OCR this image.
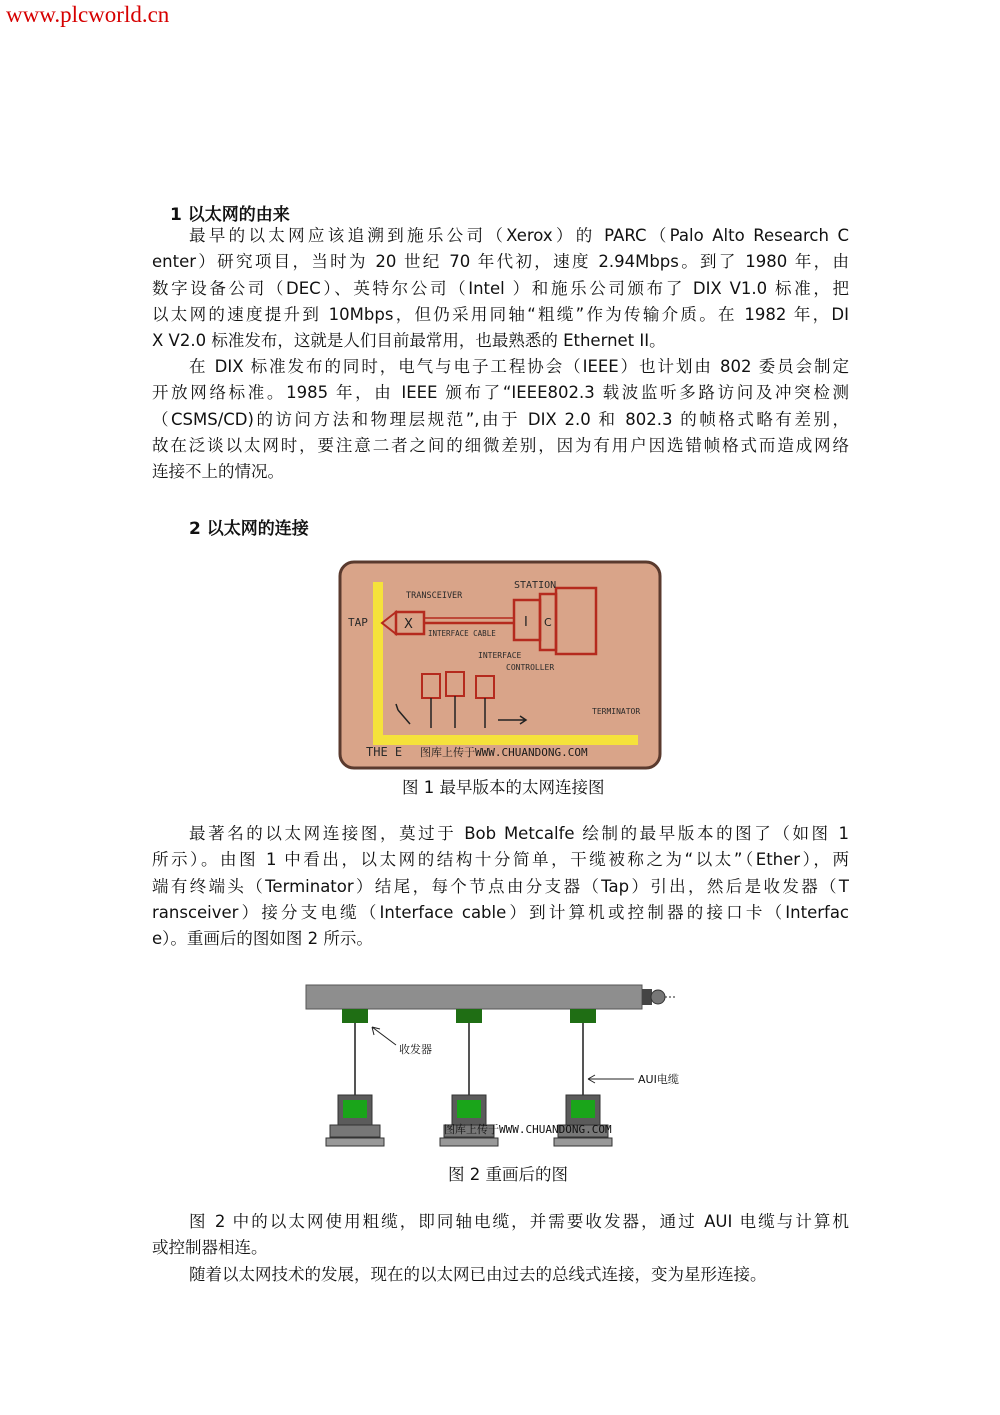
www.plcworld.cn
1 以太网的由来
最早的以太网应该追溯到施乐公司（Xerox）的 PARC（Palo Alto Research C
enter）研究项目，当时为 20 世纪 70 年代初，速度 2.94Mbps。到了 1980 年，由
数字设备公司（DEC）、英特尔公司（Intel ）和施乐公司颁布了 DIX V1.0 标准，把
以太网的速度提升到 10Mbps，但仍采用同轴“粗缆”作为传输介质。在 1982 年，DI
X V2.0 标准发布，这就是人们目前最常用，也最熟悉的 Ethernet II。
在 DIX 标准发布的同时，电气与电子工程协会（IEEE）也计划由 802 委员会制定
开放网络标准。1985 年，由 IEEE 颁布了“IEEE802.3 载波监听多路访问及冲突检测
（CSMS/CD)的访问方法和物理层规范”,由于 DIX 2.0 和 802.3 的帧格式略有差别，
故在泛谈以太网时，要注意二者之间的细微差别，因为有用户因选错帧格式而造成网络
连接不上的情况。
2 以太网的连接
X	I C
STATION
TRANSCEIVER
TAP
INTERFACE CABLE
INTERFACE
CONTROLLER
TERMINATOR
THE E 图库上传于WWW.CHUANDONG.COM
图 1 最早版本的太网连接图
最著名的以太网连接图，莫过于 Bob Metcalfe 绘制的最早版本的图了（如图 1
所示）。由图 1 中看出，以太网的结构十分简单，干缆被称之为“以太”（Ether），两
端有终端头（Terminator）结尾，每个节点由分支器（Tap）引出，然后是收发器（T
ransceiver）接分支电缆（Interface cable）到计算机或控制器的接口卡（Interfac
e）。重画后的图如图 2 所示。
收发器
AUI电缆
图库上传于WWW.CHUANDONG.COM
图 2 重画后的图
图 2 中的以太网使用粗缆，即同轴电缆，并需要收发器，通过 AUI 电缆与计算机
或控制器相连。
随着以太网技术的发展，现在的以太网已由过去的总线式连接，变为星形连接。
